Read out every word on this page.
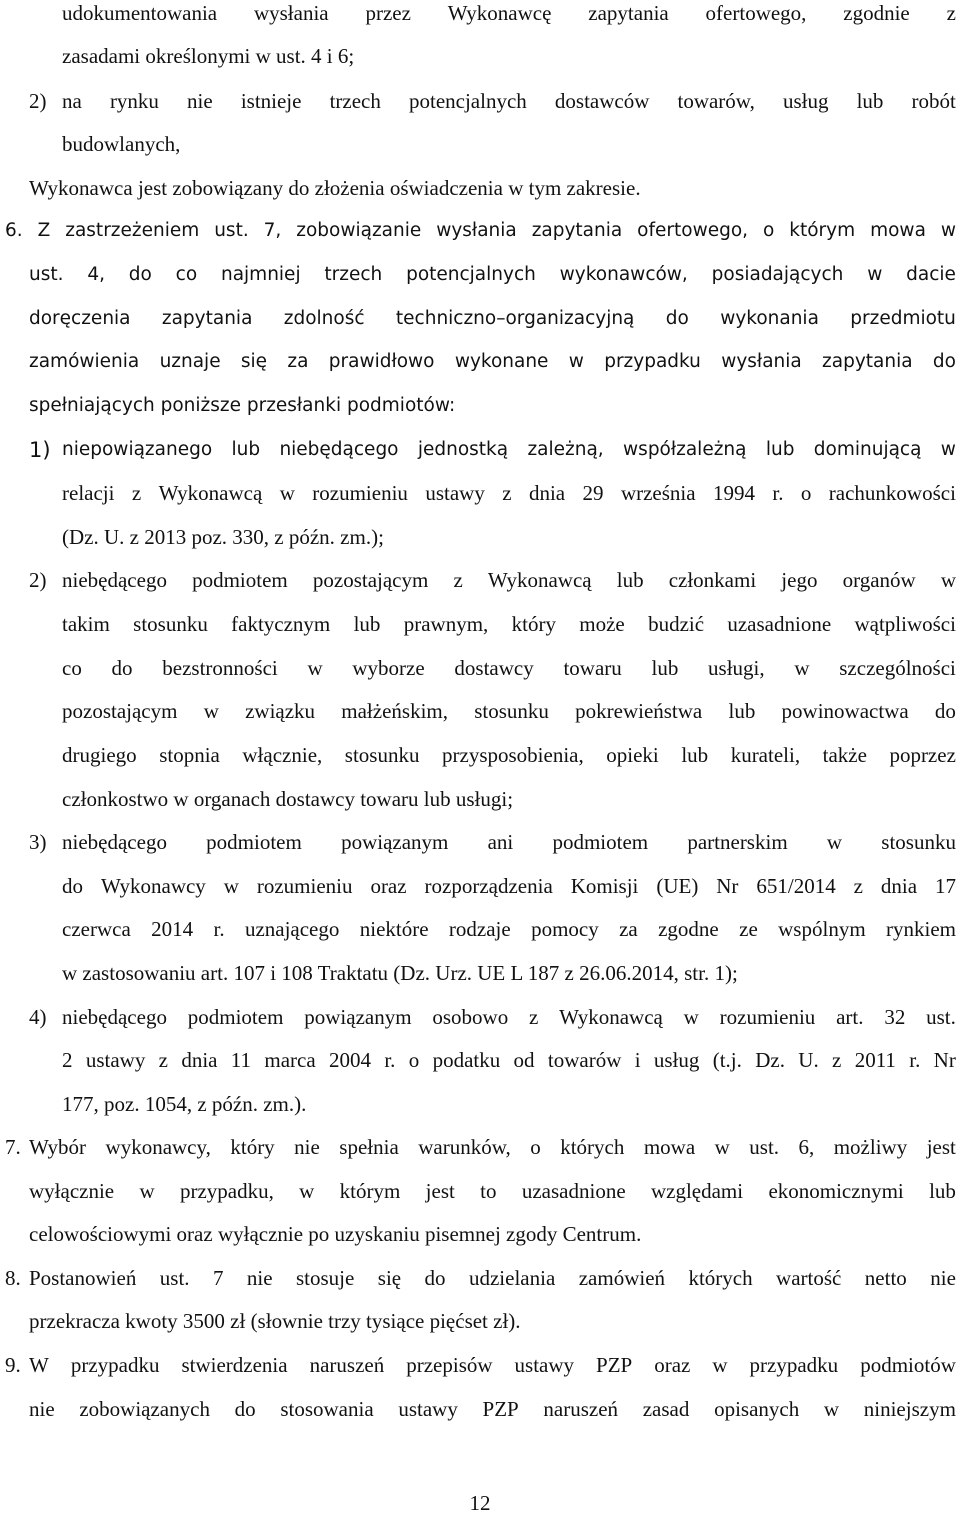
udokumentowania wysłania przez Wykonawcę zapytania ofertowego, zgodnie z
zasadami określonymi w ust. 4 i 6;
2) na rynku nie istnieje trzech potencjalnych dostawców towarów, usług lub robót
budowlanych,
Wykonawca jest zobowiązany do złożenia oświadczenia w tym zakresie.
6. Z zastrzeżeniem ust. 7, zobowiązanie wysłania zapytania ofertowego, o którym mowa w
ust. 4, do co najmniej trzech potencjalnych wykonawców, posiadających w dacie
doręczenia zapytania zdolność techniczno–organizacyjną do wykonania przedmiotu
zamówienia uznaje się za prawidłowo wykonane w przypadku wysłania zapytania do
spełniających poniższe przesłanki podmiotów:
1) niepowiązanego lub niebędącego jednostką zależną, współzależną lub dominującą w
relacji z Wykonawcą w rozumieniu ustawy z dnia 29 września 1994 r. o rachunkowości
(Dz. U. z 2013 poz. 330, z późn. zm.);
2) niebędącego podmiotem pozostającym z Wykonawcą lub członkami jego organów w
takim stosunku faktycznym lub prawnym, który może budzić uzasadnione wątpliwości
co do bezstronności w wyborze dostawcy towaru lub usługi, w szczególności
pozostającym w związku małżeńskim, stosunku pokrewieństwa lub powinowactwa do
drugiego stopnia włącznie, stosunku przysposobienia, opieki lub kurateli, także poprzez
członkostwo w organach dostawcy towaru lub usługi;
3) niebędącego podmiotem powiązanym ani podmiotem partnerskim w stosunku
do Wykonawcy w rozumieniu oraz rozporządzenia Komisji (UE) Nr 651/2014 z dnia 17
czerwca 2014 r. uznającego niektóre rodzaje pomocy za zgodne ze wspólnym rynkiem
w zastosowaniu art. 107 i 108 Traktatu (Dz. Urz. UE L 187 z 26.06.2014, str. 1);
4) niebędącego podmiotem powiązanym osobowo z Wykonawcą w rozumieniu art. 32 ust.
2 ustawy z dnia 11 marca 2004 r. o podatku od towarów i usług (t.j. Dz. U. z 2011 r. Nr
177, poz. 1054, z późn. zm.).
7. Wybór wykonawcy, który nie spełnia warunków, o których mowa w ust. 6, możliwy jest
wyłącznie w przypadku, w którym jest to uzasadnione względami ekonomicznymi lub
celowościowymi oraz wyłącznie po uzyskaniu pisemnej zgody Centrum.
8. Postanowień ust. 7 nie stosuje się do udzielania zamówień których wartość netto nie
przekracza kwoty 3500 zł (słownie trzy tysiące pięćset zł).
9. W przypadku stwierdzenia naruszeń przepisów ustawy PZP oraz w przypadku podmiotów
nie zobowiązanych do stosowania ustawy PZP naruszeń zasad opisanych w niniejszym
12
